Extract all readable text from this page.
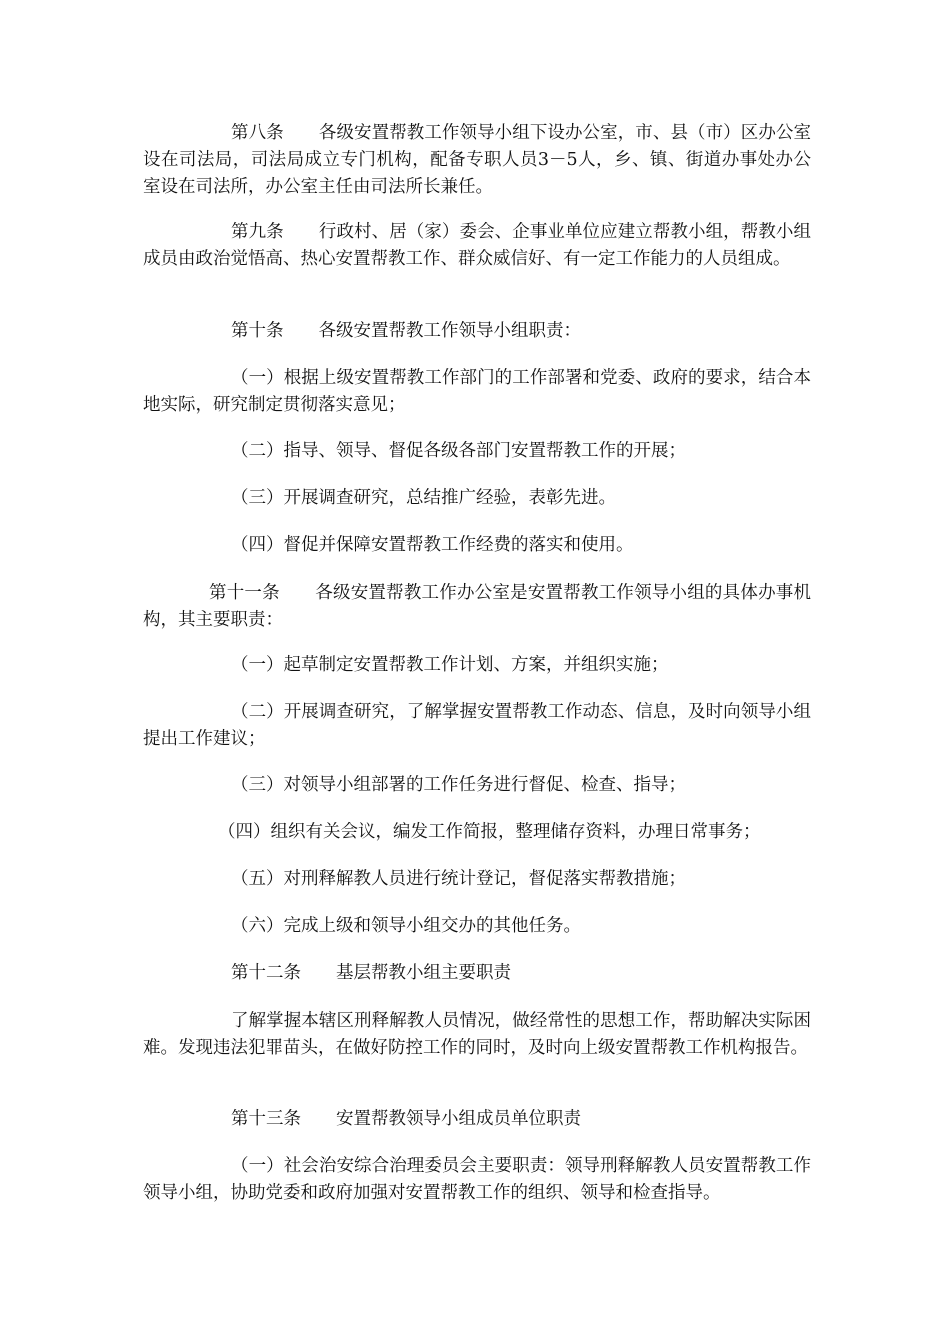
第八条　　各级安置帮教工作领导小组下设办公室，市、县（市）区办公室设在司法局，司法局成立专门机构，配备专职人员3－5人，乡、镇、街道办事处办公室设在司法所，办公室主任由司法所长兼任。

第九条　　行政村、居（家）委会、企事业单位应建立帮教小组，帮教小组成员由政治觉悟高、热心安置帮教工作、群众威信好、有一定工作能力的人员组成。

第十条　　各级安置帮教工作领导小组职责：

（一）根据上级安置帮教工作部门的工作部署和党委、政府的要求，结合本地实际，研究制定贯彻落实意见；

（二）指导、领导、督促各级各部门安置帮教工作的开展；

（三）开展调查研究，总结推广经验，表彰先进。

（四）督促并保障安置帮教工作经费的落实和使用。

第十一条　　各级安置帮教工作办公室是安置帮教工作领导小组的具体办事机构，其主要职责：

（一）起草制定安置帮教工作计划、方案，并组织实施；

（二）开展调查研究，了解掌握安置帮教工作动态、信息，及时向领导小组提出工作建议；

（三）对领导小组部署的工作任务进行督促、检查、指导；

（四）组织有关会议，编发工作简报，整理储存资料，办理日常事务；

（五）对刑释解教人员进行统计登记，督促落实帮教措施；

（六）完成上级和领导小组交办的其他任务。

第十二条　　基层帮教小组主要职责

了解掌握本辖区刑释解教人员情况，做经常性的思想工作，帮助解决实际困难。发现违法犯罪苗头，在做好防控工作的同时，及时向上级安置帮教工作机构报告。

第十三条　　安置帮教领导小组成员单位职责

（一）社会治安综合治理委员会主要职责：领导刑释解教人员安置帮教工作领导小组，协助党委和政府加强对安置帮教工作的组织、领导和检查指导。
